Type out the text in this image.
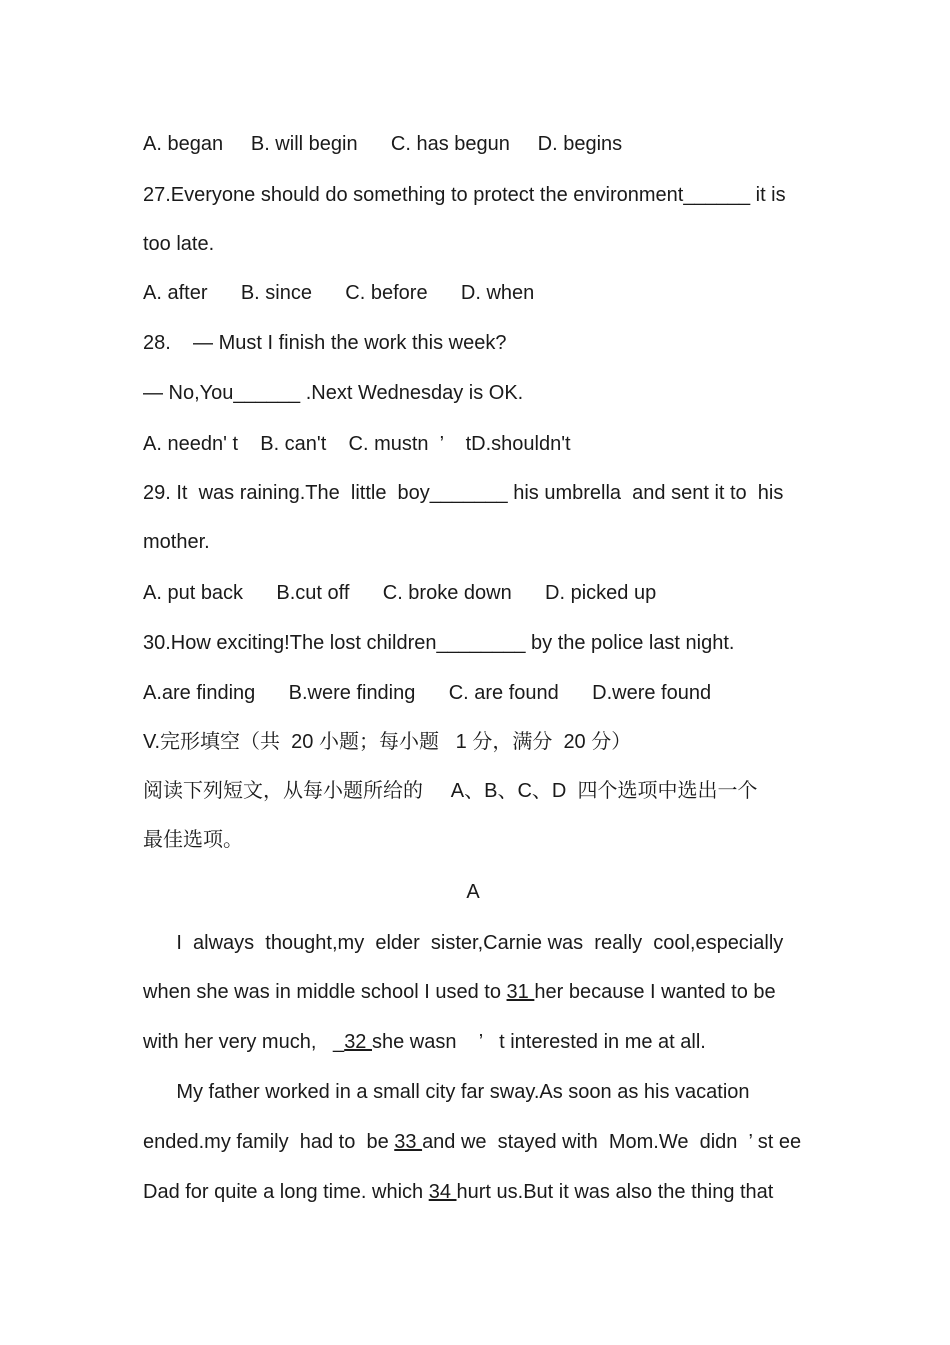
A. began     B. will begin      C. has begun     D. begins

27.Everyone should do something to protect the environment______ it is

too late.

A. after      B. since      C. before      D. when

28.    — Must I finish the work this week?

— No,You______ .Next Wednesday is OK.

A. needn' t    B. can't    C. mustn  ’    tD.shouldn't

29. It  was raining.The  little  boy_______ his umbrella  and sent it to  his

mother.

A. put back      B.cut off      C. broke down      D. picked up

30.How exciting!The lost children________ by the police last night.

A.are finding      B.were finding      C. are found      D.were found

V.完形填空（共  20 小题；每小题   1 分，满分  20 分）

阅读下列短文，从每小题所给的     A、B、C、D  四个选项中选出一个

最佳选项。

A

I  always  thought,my  elder  sister,Carnie was  really  cool,especially

when she was in middle school I used to 31 her because I wanted to be

with her very much,   _32 she wasn    ’   t interested in me at all.

My father worked in a small city far sway.As soon as his vacation

ended.my family  had to  be 33 and we  stayed with  Mom.We  didn  ’ st ee

Dad for quite a long time. which 34 hurt us.But it was also the thing that
